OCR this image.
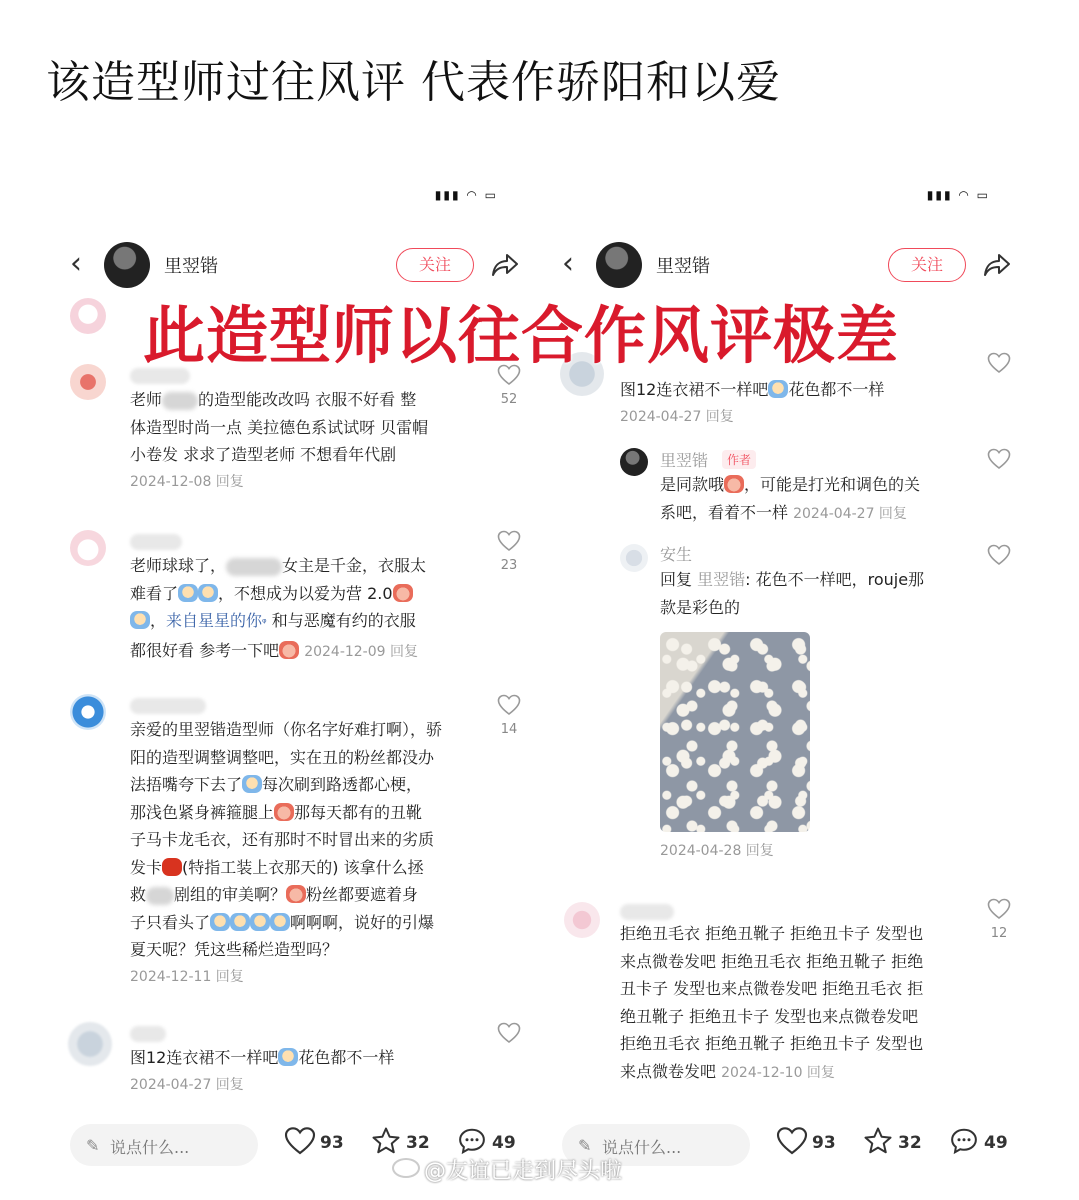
该造型师过往风评 代表作骄阳和以爱
▮▮▮ ◠ ▭
‹	里翌锴	关注
老师 的造型能改改吗 衣服不好看 整
体造型时尚一点 美拉德色系试试呀 贝雷帽
小卷发 求求了造型老师 不想看年代剧
2024-12-08 回复
52
老师球球了，	女主是千金，衣服太
难看了	，不想成为以爱为营 2.0
，来自星星的你ᵠ 和与恶魔有约的衣服
都很好看 参考一下吧 2024-12-09 回复
23
亲爱的里翌锴造型师（你名字好难打啊），骄
阳的造型调整调整吧，实在丑的粉丝都没办
法捂嘴夸下去了 每次刷到路透都心梗，
那浅色紧身裤箍腿上 那每天都有的丑靴
子马卡龙毛衣，还有那时不时冒出来的劣质
发卡 (特指工装上衣那天的) 该拿什么拯
救 剧组的审美啊？ 粉丝都要遮着身
子只看头了	啊啊啊，说好的引爆
夏天呢？凭这些稀烂造型吗？
2024-12-11 回复
14
图12连衣裙不一样吧 花色都不一样
2024-04-27 回复
✎ 说点什么...	93	32	49
▮▮▮ ◠ ▭
‹	里翌锴	关注
图12连衣裙不一样吧 花色都不一样
2024-04-27 回复
里翌锴	作者
是同款哦 ，可能是打光和调色的关
系吧，看着不一样 2024-04-27 回复
安生
回复 里翌锴: 花色不一样吧，rouje那
款是彩色的
2024-04-28 回复
拒绝丑毛衣 拒绝丑靴子 拒绝丑卡子 发型也
来点微卷发吧 拒绝丑毛衣 拒绝丑靴子 拒绝
丑卡子 发型也来点微卷发吧 拒绝丑毛衣 拒
绝丑靴子 拒绝丑卡子 发型也来点微卷发吧
拒绝丑毛衣 拒绝丑靴子 拒绝丑卡子 发型也
来点微卷发吧 2024-12-10 回复
12
✎ 说点什么...	93	32	49
此造型师以往合作风评极差
@友谊已走到尽头啦
